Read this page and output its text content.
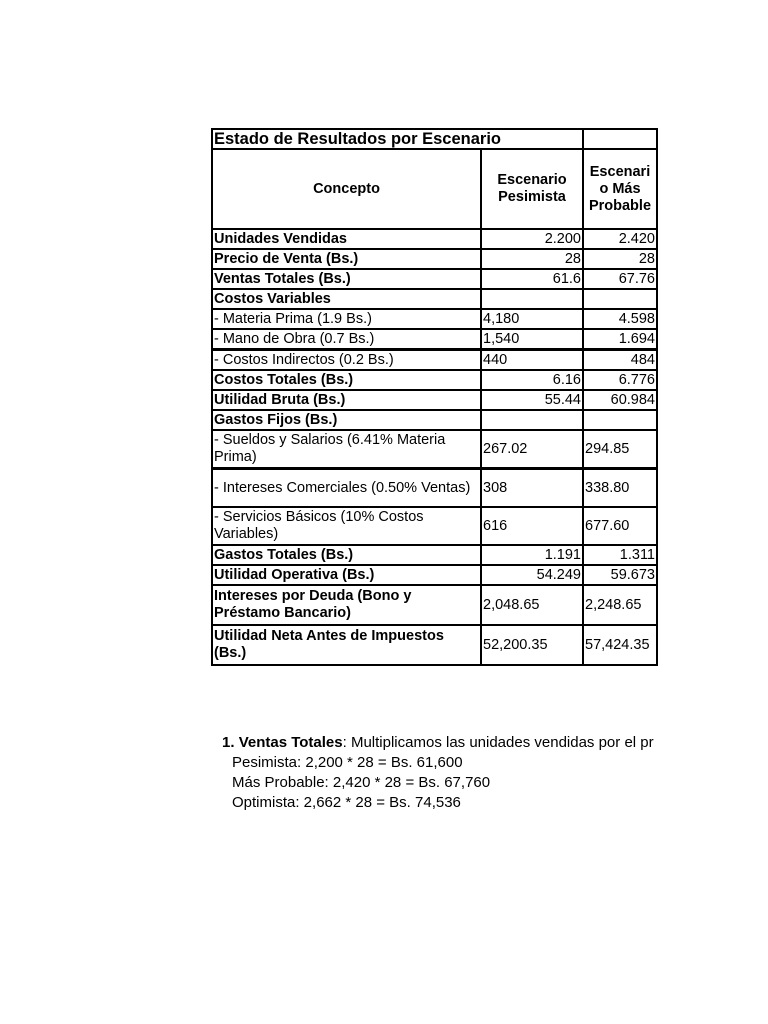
Estado de Resultados por Escenario		
Concepto	Escenario Pesimista	Escenari o Más Probable
Unidades Vendidas	2.200	2.420
Precio de Venta (Bs.)	28	28
Ventas Totales (Bs.)	61.6	67.76
Costos Variables		
- Materia Prima (1.9 Bs.)	4,180	4.598
- Mano de Obra (0.7 Bs.)	1,540	1.694
- Costos Indirectos (0.2 Bs.)	440	484
Costos Totales (Bs.)	6.16	6.776
Utilidad Bruta (Bs.)	55.44	60.984
Gastos Fijos (Bs.)		
- Sueldos y Salarios (6.41% Materia Prima)	267.02	294.85
- Intereses Comerciales (0.50% Ventas)	308	338.80
- Servicios Básicos (10% Costos Variables)	616	677.60
Gastos Totales (Bs.)	1.191	1.311
Utilidad Operativa (Bs.)	54.249	59.673
Intereses por Deuda (Bono y Préstamo Bancario)	2,048.65	2,248.65
Utilidad Neta Antes de Impuestos (Bs.)	52,200.35	57,424.35
1. Ventas Totales: Multiplicamos las unidades vendidas por el pr
Pesimista: 2,200 * 28 = Bs. 61,600
Más Probable: 2,420 * 28 = Bs. 67,760
Optimista: 2,662 * 28 = Bs. 74,536
